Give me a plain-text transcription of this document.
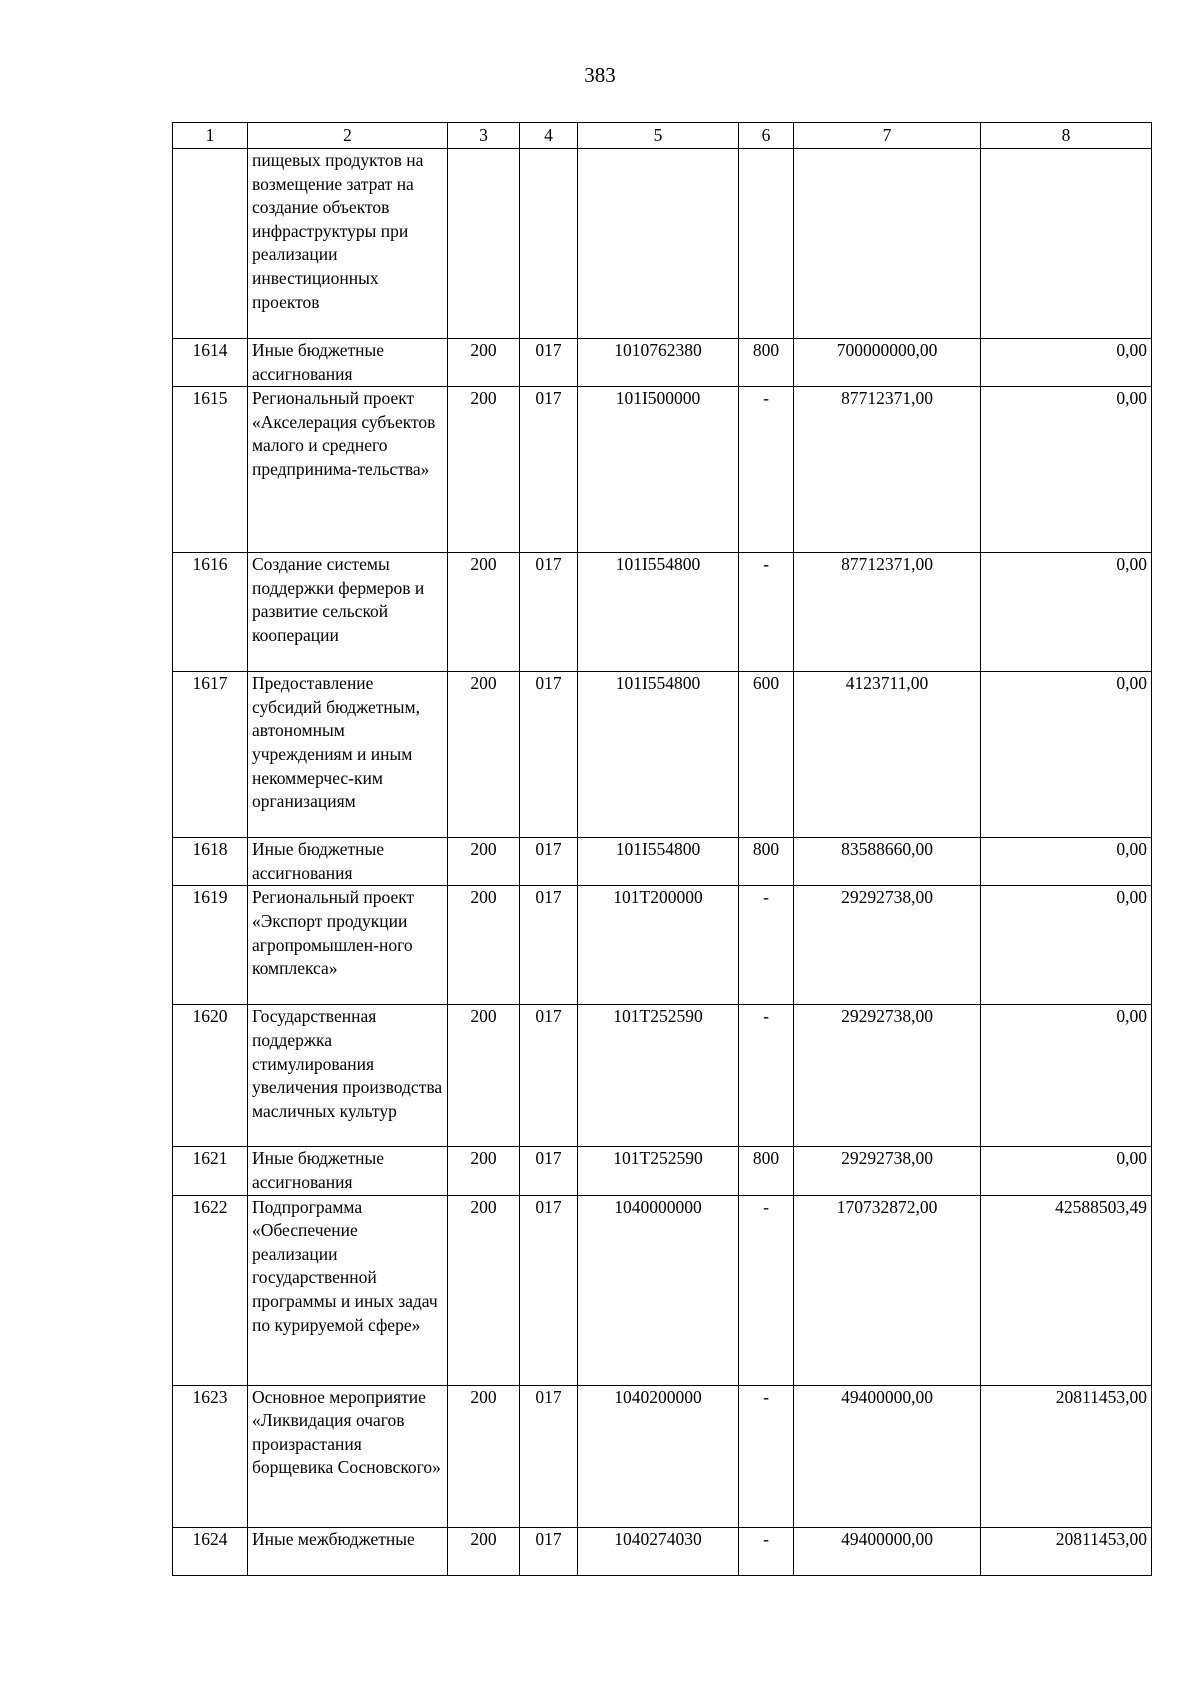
383
1	2	3	4	5	6	7	8
	пищевых продуктов на возмещение затрат на создание объектов инфраструктуры при реализации инвестиционных проектов						
1614	Иные бюджетные ассигнования	200	017	1010762380	800	700000000,00	0,00
1615	Региональный проект «Акселерация субъектов малого и среднего предпринима-тельства»	200	017	101I500000	-	87712371,00	0,00
1616	Создание системы поддержки фермеров и развитие сельской кооперации	200	017	101I554800	-	87712371,00	0,00
1617	Предоставление субсидий бюджетным, автономным учреждениям и иным некоммерчес-ким организациям	200	017	101I554800	600	4123711,00	0,00
1618	Иные бюджетные ассигнования	200	017	101I554800	800	83588660,00	0,00
1619	Региональный проект «Экспорт продукции агропромышлен-ного комплекса»	200	017	101T200000	-	29292738,00	0,00
1620	Государственная поддержка стимулирования увеличения производства масличных культур	200	017	101T252590	-	29292738,00	0,00
1621	Иные бюджетные ассигнования	200	017	101T252590	800	29292738,00	0,00
1622	Подпрограмма «Обеспечение реализации государственной программы и иных задач по курируемой сфере»	200	017	1040000000	-	170732872,00	42588503,49
1623	Основное мероприятие «Ликвидация очагов произрастания борщевика Сосновского»	200	017	1040200000	-	49400000,00	20811453,00
1624	Иные межбюджетные	200	017	1040274030	-	49400000,00	20811453,00
